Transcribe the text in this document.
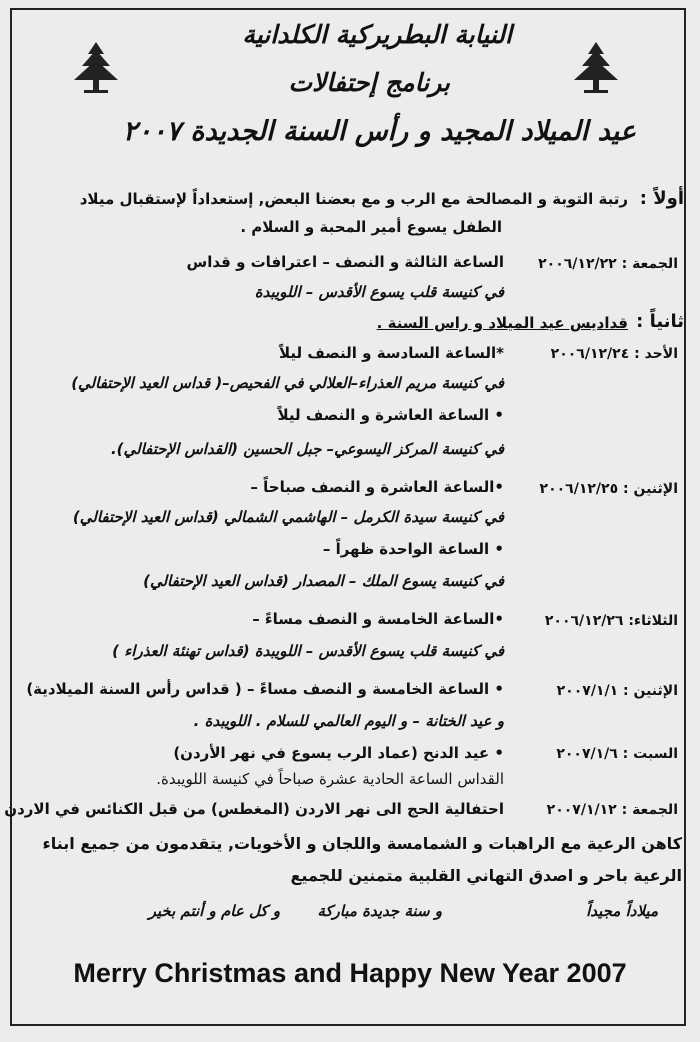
النيابة البطريركية الكلدانية
برنامج إحتفالات
عيد الميلاد المجيد و رأس السنة الجديدة ٢٠٠٧
أولاً :
رتبة التوبة و المصالحة مع الرب و مع بعضنا البعض, إستعداداً لإستقبال ميلاد
الطفل يسوع أمير المحبة و السلام .
الجمعة : ٢٠٠٦/١٢/٢٢
الساعة الثالثة و النصف – اعترافات و قداس
في كنيسة قلب يسوع الأقدس – اللويبدة
ثانياً :
قداديس عيد الميلاد و راس السنة .
الأحد : ٢٠٠٦/١٢/٢٤
*الساعة السادسة و النصف ليلاً
في كنيسة مريم العذراء–العلالي في الفحيص–( قداس العيد الإحتفالي)
• الساعة العاشرة و النصف ليلاً
في كنيسة المركز اليسوعي– جبل الحسين (القداس الإحتفالي).
الإثنين : ٢٠٠٦/١٢/٢٥
•الساعة العاشرة و النصف صباحاً –
في كنيسة سيدة الكرمل – الهاشمي الشمالي (قداس العيد الإحتفالي)
• الساعة الواحدة ظهراً –
في كنيسة يسوع الملك – المصدار (قداس العيد الإحتفالي)
الثلاثاء: ٢٠٠٦/١٢/٢٦
•الساعة الخامسة و النصف مساءً –
في كنيسة قلب يسوع الأقدس – اللويبدة (قداس تهنئة العذراء )
الإثنين : ٢٠٠٧/١/١
• الساعة الخامسة و النصف مساءً – ( قداس رأس السنة الميلادية)
و عيد الختانة – و اليوم العالمي للسلام . اللويبدة .
السبت : ٢٠٠٧/١/٦
• عيد الدنح (عماد الرب يسوع في نهر الأردن)
القداس الساعة الحادية عشرة صباحاً في كنيسة اللويبدة.
الجمعة : ٢٠٠٧/١/١٢
احتفالية الحج الى نهر الاردن (المغطس) من قبل الكنائس في الاردن
كاهن الرعية مع الراهبات و الشمامسة واللجان و الأخويات, يتقدمون من جميع ابناء
الرعية باحر و اصدق التهاني القلبية متمنين للجميع
ميلاداً مجيداً
و سنة جديدة مباركة
و كل عام و أنتم بخير
Merry Christmas and Happy New Year 2007
